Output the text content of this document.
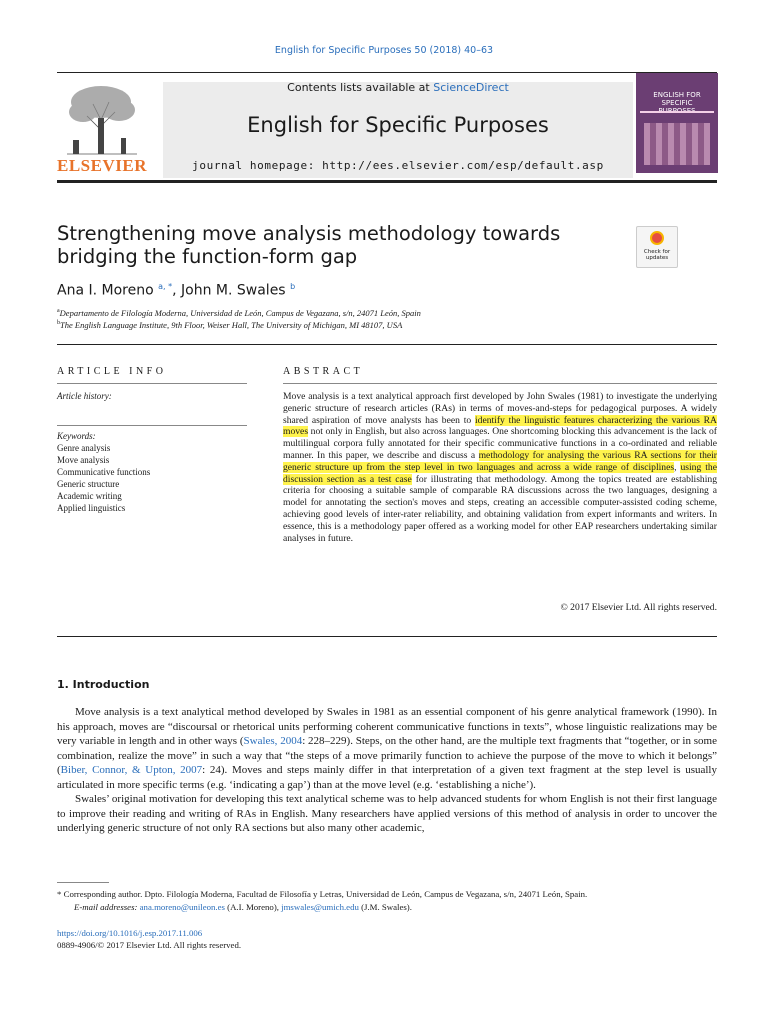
English for Specific Purposes 50 (2018) 40–63
ELSEVIER
Contents lists available at ScienceDirect
English for Specific Purposes
journal homepage: http://ees.elsevier.com/esp/default.asp
ENGLISH FOR SPECIFIC
Strengthening move analysis methodology towards bridging the function-form gap	Check for updates
Ana I. Moreno $^{a, *}$, John M. Swales $^b$
$^a$Departamento de Filología Moderna, Universidad de León, Campus de Vegazana, s/n, 24071 León, Spain
$^b$The English Language Institute, 9th Floor, Weiser Hall, The University of Michigan, MI 48107, USA
ARTICLE INFO
Article history:
Keywords:
Genre analysis
Move analysis
Communicative functions
Generic structure
Academic writing
Applied linguistics
ABSTRACT
Move analysis is a text analytical approach first developed by John Swales (1981) to investigate the underlying generic structure of research articles (RAs) in terms of moves-and-steps for pedagogical purposes. A widely shared aspiration of move analysts has been to identify the linguistic features characterizing the various RA moves not only in English, but also across languages. One shortcoming blocking this advancement is the lack of multilingual corpora fully annotated for their specific communicative functions in a co-ordinated and reliable manner. In this paper, we describe and discuss a methodology for analysing the various RA sections for their generic structure up from the step level in two languages and across a wide range of disciplines, using the discussion section as a test case for illustrating that methodology. Among the topics treated are establishing criteria for choosing a suitable sample of comparable RA discussions across the two languages, designing a model for annotating the section's moves and steps, creating an accessible computer-assisted coding scheme, achieving good levels of inter-rater reliability, and obtaining validation from expert informants and writers. In essence, this is a methodology paper offered as a working model for other EAP researchers undertaking similar analyses in future.
© 2017 Elsevier Ltd. All rights reserved.
1. Introduction

Move analysis is a text analytical method developed by Swales in 1981 as an essential component of his genre analytical framework (1990). In his approach, moves are “discoursal or rhetorical units performing coherent communicative functions in texts”, whose linguistic realizations may be very variable in length and in other ways (Swales, 2004: 228–229). Steps, on the other hand, are the multiple text fragments that “together, or in some combination, realize the move” in such a way that “the steps of a move primarily function to achieve the purpose of the move to which it belongs” (Biber, Connor, & Upton, 2007: 24). Moves and steps mainly differ in that interpretation of a given text fragment at the step level is usually articulated in more specific terms (e.g. ‘indicating a gap’) than at the move level (e.g. ‘establishing a niche’).

Swales’ original motivation for developing this text analytical scheme was to help advanced students for whom English is not their first language to improve their reading and writing of RAs in English. Many researchers have applied versions of this method of analysis in order to uncover the underlying generic structure of not only RA sections but also many other academic,

* Corresponding author. Dpto. Filología Moderna, Facultad de Filosofía y Letras, Universidad de León, Campus de Vegazana, s/n, 24071 León, Spain.
E-mail addresses: ana.moreno@unileon.es (A.I. Moreno), jmswales@umich.edu (J.M. Swales).
https://doi.org/10.1016/j.esp.2017.11.006
0889-4906/© 2017 Elsevier Ltd. All rights reserved.
